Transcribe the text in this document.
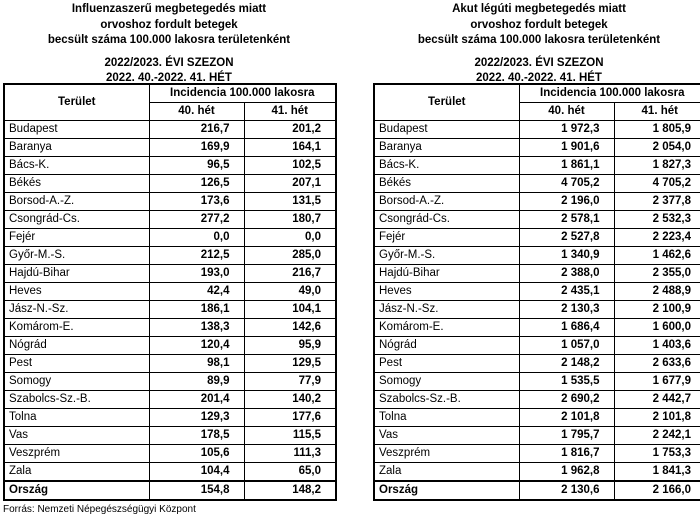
Influenzaszerű megbetegedés miatt
orvoshoz fordult betegek
becsült száma 100.000 lakosra területenként
2022/2023. ÉVI SZEZON
2022. 40.-2022. 41. HÉT
Terület	Incidencia 100.000 lakosra	
	40. hét	41. hét
Budapest	216,7	201,2
Baranya	169,9	164,1
Bács-K.	96,5	102,5
Békés	126,5	207,1
Borsod-A.-Z.	173,6	131,5
Csongrád-Cs.	277,2	180,7
Fejér	0,0	0,0
Győr-M.-S.	212,5	285,0
Hajdú-Bihar	193,0	216,7
Heves	42,4	49,0
Jász-N.-Sz.	186,1	104,1
Komárom-E.	138,3	142,6
Nógrád	120,4	95,9
Pest	98,1	129,5
Somogy	89,9	77,9
Szabolcs-Sz.-B.	201,4	140,2
Tolna	129,3	177,6
Vas	178,5	115,5
Veszprém	105,6	111,3
Zala	104,4	65,0
Ország	154,8	148,2
Akut légúti megbetegedés miatt
orvoshoz fordult betegek
becsült száma 100.000 lakosra területenként
2022/2023. ÉVI SZEZON
2022. 40.-2022. 41. HÉT
Terület	Incidencia 100.000 lakosra	
	40. hét	41. hét
Budapest	1 972,3	1 805,9
Baranya	1 901,6	2 054,0
Bács-K.	1 861,1	1 827,3
Békés	4 705,2	4 705,2
Borsod-A.-Z.	2 196,0	2 377,8
Csongrád-Cs.	2 578,1	2 532,3
Fejér	2 527,8	2 223,4
Győr-M.-S.	1 340,9	1 462,6
Hajdú-Bihar	2 388,0	2 355,0
Heves	2 435,1	2 488,9
Jász-N.-Sz.	2 130,3	2 100,9
Komárom-E.	1 686,4	1 600,0
Nógrád	1 057,0	1 403,6
Pest	2 148,2	2 633,6
Somogy	1 535,5	1 677,9
Szabolcs-Sz.-B.	2 690,2	2 442,7
Tolna	2 101,8	2 101,8
Vas	1 795,7	2 242,1
Veszprém	1 816,7	1 753,3
Zala	1 962,8	1 841,3
Ország	2 130,6	2 166,0
Forrás: Nemzeti Népegészségügyi Központ
